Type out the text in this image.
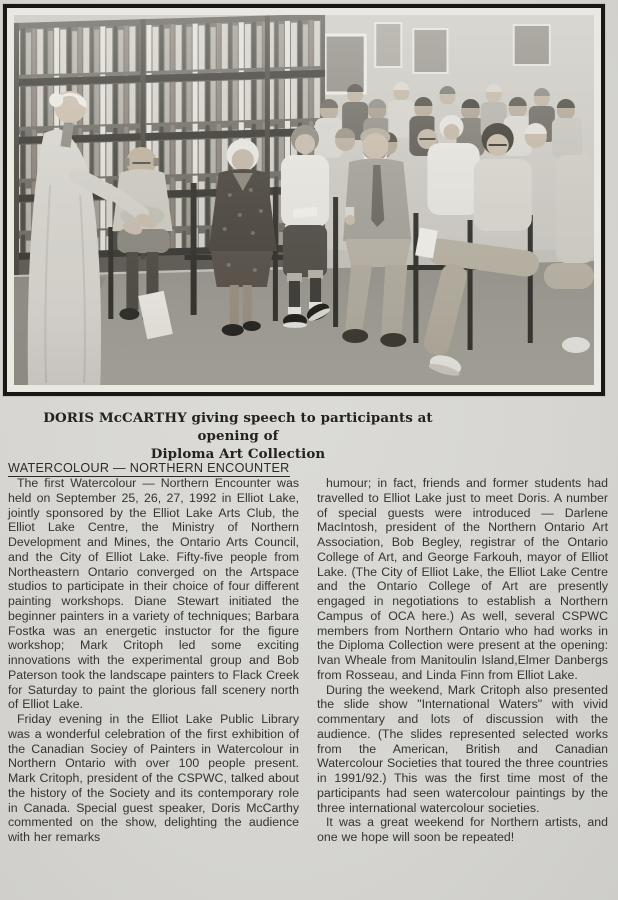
DORIS McCARTHY giving speech to participants at opening of
Diploma Art Collection
WATERCOLOUR — NORTHERN ENCOUNTER

The first Watercolour — Northern Encounter was held on September 25, 26, 27, 1992 in Elliot Lake, jointly sponsored by the Elliot Lake Arts Club, the Elliot Lake Centre, the Ministry of Northern Development and Mines, the Ontario Arts Council, and the City of Elliot Lake. Fifty-five people from Northeastern Ontario converged on the Artspace studios to participate in their choice of four different painting workshops. Diane Stewart initiated the beginner painters in a variety of techniques; Barbara Fostka was an energetic instuctor for the figure workshop; Mark Critoph led some exciting innovations with the experimental group and Bob Paterson took the landscape painters to Flack Creek for Saturday to paint the glorious fall scenery north of Elliot Lake.

Friday evening in the Elliot Lake Public Library was a wonderful celebration of the first exhibition of the Canadian Sociey of Painters in Watercolour in Northern Ontario with over 100 people present. Mark Critoph, president of the CSPWC, talked about the history of the Society and its contemporary role in Canada. Special guest speaker, Doris McCarthy commented on the show, delighting the audience with her remarks

humour; in fact, friends and former students had travelled to Elliot Lake just to meet Doris. A number of special guests were introduced — Darlene MacIntosh, president of the Northern Ontario Art Association, Bob Begley, registrar of the Ontario College of Art, and George Farkouh, mayor of Elliot Lake. (The City of Elliot Lake, the Elliot Lake Centre and the Ontario College of Art are presently engaged in negotiations to establish a Northern Campus of OCA here.) As well, several CSPWC members from Northern Ontario who had works in the Diploma Collection were present at the opening: Ivan Wheale from Manitoulin Island,Elmer Danbergs from Rosseau, and Linda Finn from Elliot Lake.

During the weekend, Mark Critoph also presented the slide show "International Waters" with vivid commentary and lots of discussion with the audience. (The slides represented selected works from the American, British and Canadian Watercolour Societies that toured the three countries in 1991/92.) This was the first time most of the participants had seen watercolour paintings by the three international watercolour societies.

It was a great weekend for Northern artists, and one we hope will soon be repeated!
